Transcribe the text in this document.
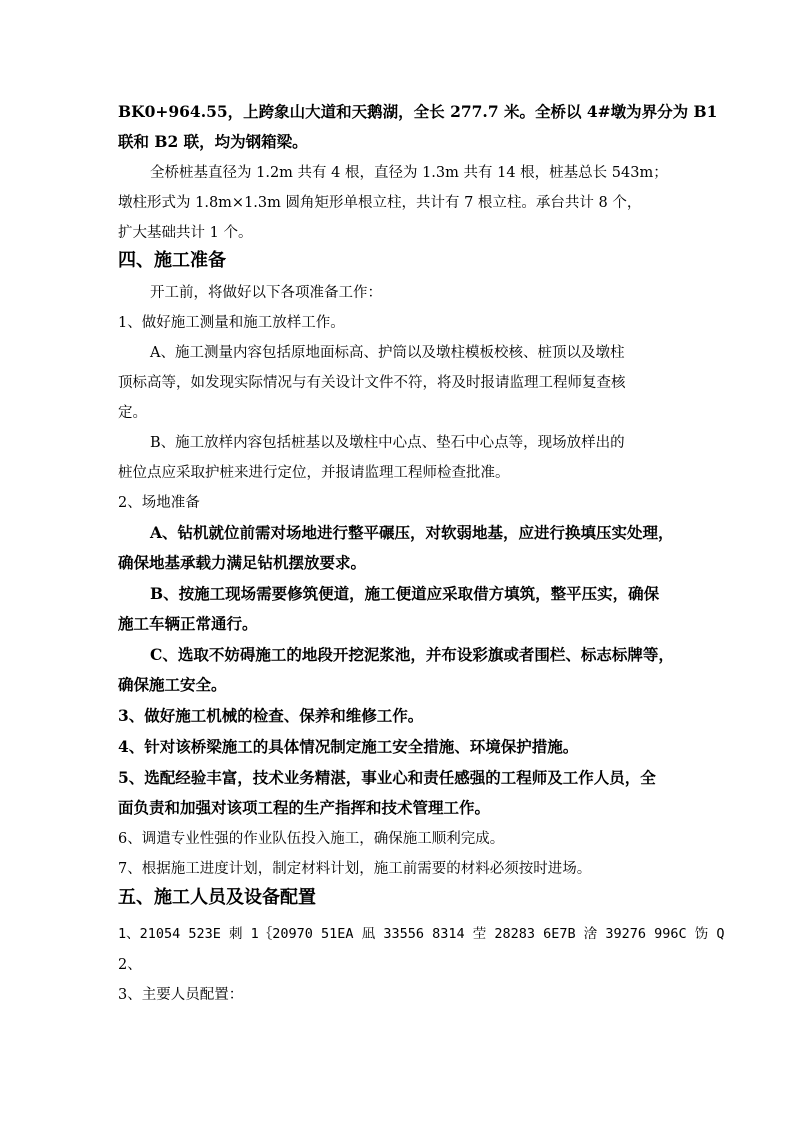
BK0+964.55，上跨象山大道和天鹅湖，全长 277.7 米。全桥以 4#墩为界分为 B1
联和 B2 联，均为钢箱梁。
全桥桩基直径为 1.2m 共有 4 根，直径为 1.3m 共有 14 根，桩基总长 543m；
墩柱形式为 1.8m×1.3m 圆角矩形单根立柱，共计有 7 根立柱。承台共计 8 个，
扩大基础共计 1 个。
四、施工准备
开工前，将做好以下各项准备工作：
1、做好施工测量和施工放样工作。
A、施工测量内容包括原地面标高、护筒以及墩柱模板校核、桩顶以及墩柱
顶标高等，如发现实际情况与有关设计文件不符，将及时报请监理工程师复查核
定。
B、施工放样内容包括桩基以及墩柱中心点、垫石中心点等，现场放样出的
桩位点应采取护桩来进行定位，并报请监理工程师检查批准。
2、场地准备
A、钻机就位前需对场地进行整平碾压，对软弱地基，应进行换填压实处理，
确保地基承载力满足钻机摆放要求。
B、按施工现场需要修筑便道，施工便道应采取借方填筑，整平压实，确保
施工车辆正常通行。
C、选取不妨碍施工的地段开挖泥浆池，并布设彩旗或者围栏、标志标牌等，
确保施工安全。
3、做好施工机械的检查、保养和维修工作。
4、针对该桥梁施工的具体情况制定施工安全措施、环境保护措施。
5、选配经验丰富，技术业务精湛，事业心和责任感强的工程师及工作人员，全
面负责和加强对该项工程的生产指挥和技术管理工作。
6、调遣专业性强的作业队伍投入施工，确保施工顺利完成。
7、根据施工进度计划，制定材料计划，施工前需要的材料必须按时进场。
五、施工人员及设备配置
1、21054 523E 刺 1｛20970 51EA 凪 33556 8314 茔 28283 6E7B 涻 39276 996C 饬 Q
2、
3、主要人员配置：
